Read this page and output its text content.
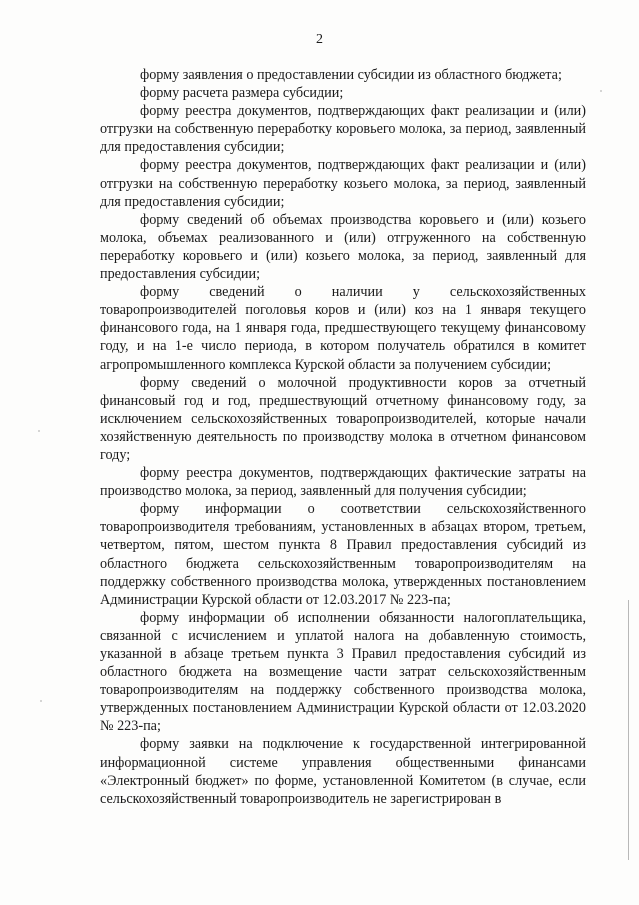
2

форму заявления о предоставлении субсидии из областного бюджета;

форму расчета размера субсидии;

форму реестра документов, подтверждающих факт реализации и (или) отгрузки на собственную переработку коровьего молока, за период, заявленный для предоставления субсидии;

форму реестра документов, подтверждающих факт реализации и (или) отгрузки на собственную переработку козьего молока, за период, заявленный для предоставления субсидии;

форму сведений об объемах производства коровьего и (или) козьего молока, объемах реализованного и (или) отгруженного на собственную переработку коровьего и (или) козьего молока, за период, заявленный для предоставления субсидии;

форму сведений о наличии у сельскохозяйственных товаропроизводителей поголовья коров и (или) коз на 1 января текущего финансового года, на 1 января года, предшествующего текущему финансовому году, и на 1-е число периода, в котором получатель обратился в комитет агропромышленного комплекса Курской области за получением субсидии;

форму сведений о молочной продуктивности коров за отчетный финансовый год и год, предшествующий отчетному финансовому году, за исключением сельскохозяйственных товаропроизводителей, которые начали хозяйственную деятельность по производству молока в отчетном финансовом году;

форму реестра документов, подтверждающих фактические затраты на производство молока, за период, заявленный для получения субсидии;

форму информации о соответствии сельскохозяйственного товаропроизводителя требованиям, установленных в абзацах втором, третьем, четвертом, пятом, шестом пункта 8 Правил предоставления субсидий из областного бюджета сельскохозяйственным товаропроизводителям на поддержку собственного производства молока, утвержденных постановлением Администрации Курской области от 12.03.2017 № 223-па;

форму информации об исполнении обязанности налогоплательщика, связанной с исчислением и уплатой налога на добавленную стоимость, указанной в абзаце третьем пункта 3 Правил предоставления субсидий из областного бюджета на возмещение части затрат сельскохозяйственным товаропроизводителям на поддержку собственного производства молока, утвержденных постановлением Администрации Курской области от 12.03.2020 № 223-па;

форму заявки на подключение к государственной интегрированной информационной системе управления общественными финансами «Электронный бюджет» по форме, установленной Комитетом (в случае, если сельскохозяйственный товаропроизводитель не зарегистрирован в
